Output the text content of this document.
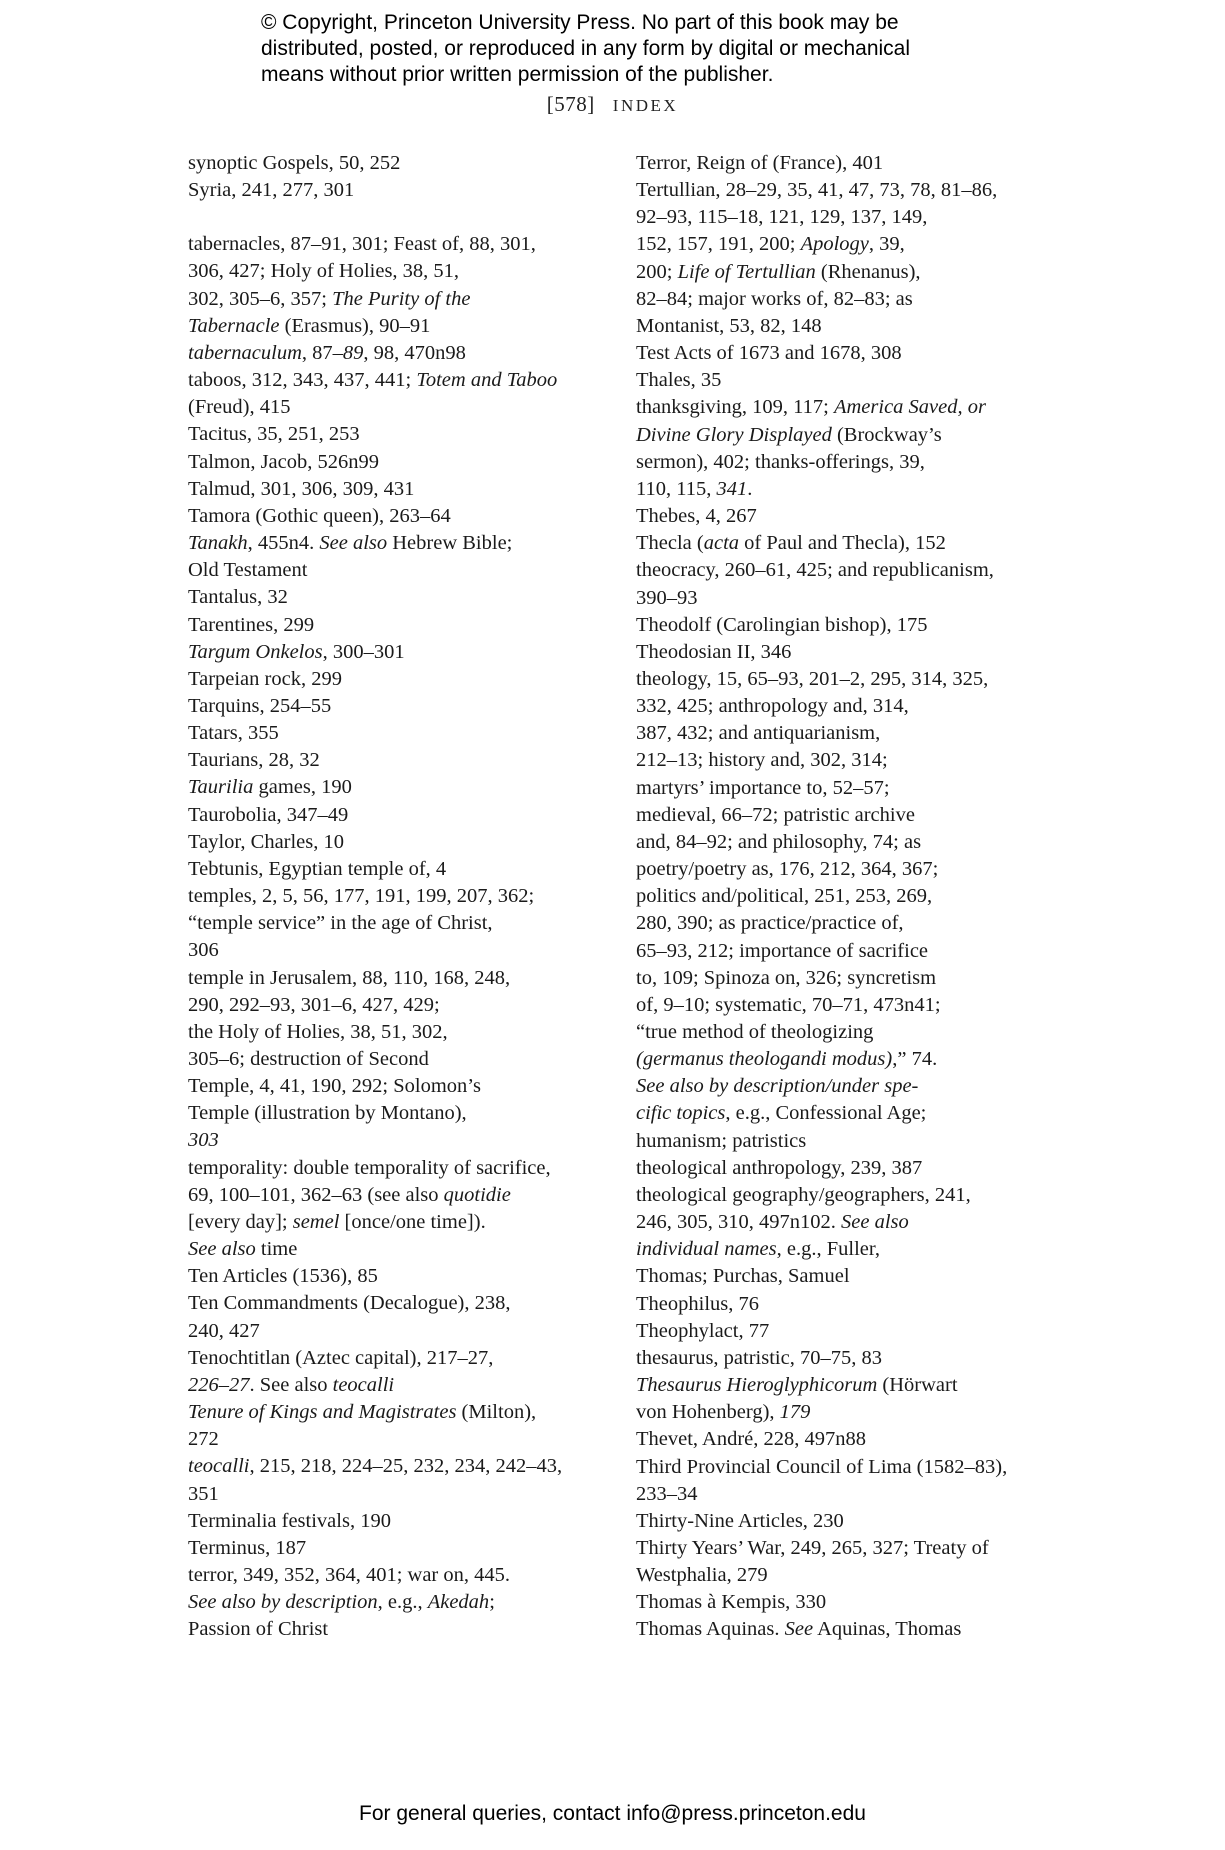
© Copyright, Princeton University Press. No part of this book may be
distributed, posted, or reproduced in any form by digital or mechanical
means without prior written permission of the publisher.
[578] INDEX
synoptic Gospels, 50, 252
Syria, 241, 277, 301
tabernacles, 87–91, 301; Feast of, 88, 301,
306, 427; Holy of Holies, 38, 51,
302, 305–6, 357; The Purity of the
Tabernacle (Erasmus), 90–91
tabernaculum, 87–89, 98, 470n98
taboos, 312, 343, 437, 441; Totem and Taboo
(Freud), 415
Tacitus, 35, 251, 253
Talmon, Jacob, 526n99
Talmud, 301, 306, 309, 431
Tamora (Gothic queen), 263–64
Tanakh, 455n4. See also Hebrew Bible;
Old Testament
Tantalus, 32
Tarentines, 299
Targum Onkelos, 300–301
Tarpeian rock, 299
Tarquins, 254–55
Tatars, 355
Taurians, 28, 32
Taurilia games, 190
Taurobolia, 347–49
Taylor, Charles, 10
Tebtunis, Egyptian temple of, 4
temples, 2, 5, 56, 177, 191, 199, 207, 362;
“temple service” in the age of Christ,
306
temple in Jerusalem, 88, 110, 168, 248,
290, 292–93, 301–6, 427, 429;
the Holy of Holies, 38, 51, 302,
305–6; destruction of Second
Temple, 4, 41, 190, 292; Solomon’s
Temple (illustration by Montano),
303
temporality: double temporality of sacrifice,
69, 100–101, 362–63 (see also quotidie
[every day]; semel [once/one time]).
See also time
Ten Articles (1536), 85
Ten Commandments (Decalogue), 238,
240, 427
Tenochtitlan (Aztec capital), 217–27,
226–27. See also teocalli
Tenure of Kings and Magistrates (Milton),
272
teocalli, 215, 218, 224–25, 232, 234, 242–43,
351
Terminalia festivals, 190
Terminus, 187
terror, 349, 352, 364, 401; war on, 445.
See also by description, e.g., Akedah;
Passion of Christ
Terror, Reign of (France), 401
Tertullian, 28–29, 35, 41, 47, 73, 78, 81–86,
92–93, 115–18, 121, 129, 137, 149,
152, 157, 191, 200; Apology, 39,
200; Life of Tertullian (Rhenanus),
82–84; major works of, 82–83; as
Montanist, 53, 82, 148
Test Acts of 1673 and 1678, 308
Thales, 35
thanksgiving, 109, 117; America Saved, or
Divine Glory Displayed (Brockway’s
sermon), 402; thanks-offerings, 39,
110, 115, 341.
Thebes, 4, 267
Thecla (acta of Paul and Thecla), 152
theocracy, 260–61, 425; and republicanism,
390–93
Theodolf (Carolingian bishop), 175
Theodosian II, 346
theology, 15, 65–93, 201–2, 295, 314, 325,
332, 425; anthropology and, 314,
387, 432; and antiquarianism,
212–13; history and, 302, 314;
martyrs’ importance to, 52–57;
medieval, 66–72; patristic archive
and, 84–92; and philosophy, 74; as
poetry/poetry as, 176, 212, 364, 367;
politics and/political, 251, 253, 269,
280, 390; as practice/practice of,
65–93, 212; importance of sacrifice
to, 109; Spinoza on, 326; syncretism
of, 9–10; systematic, 70–71, 473n41;
“true method of theologizing
(germanus theologandi modus),” 74.
See also by description/under spe-
cific topics, e.g., Confessional Age;
humanism; patristics
theological anthropology, 239, 387
theological geography/geographers, 241,
246, 305, 310, 497n102. See also
individual names, e.g., Fuller,
Thomas; Purchas, Samuel
Theophilus, 76
Theophylact, 77
thesaurus, patristic, 70–75, 83
Thesaurus Hieroglyphicorum (Hörwart
von Hohenberg), 179
Thevet, André, 228, 497n88
Third Provincial Council of Lima (1582–83),
233–34
Thirty-Nine Articles, 230
Thirty Years’ War, 249, 265, 327; Treaty of
Westphalia, 279
Thomas à Kempis, 330
Thomas Aquinas. See Aquinas, Thomas
For general queries, contact info@press.princeton.edu
